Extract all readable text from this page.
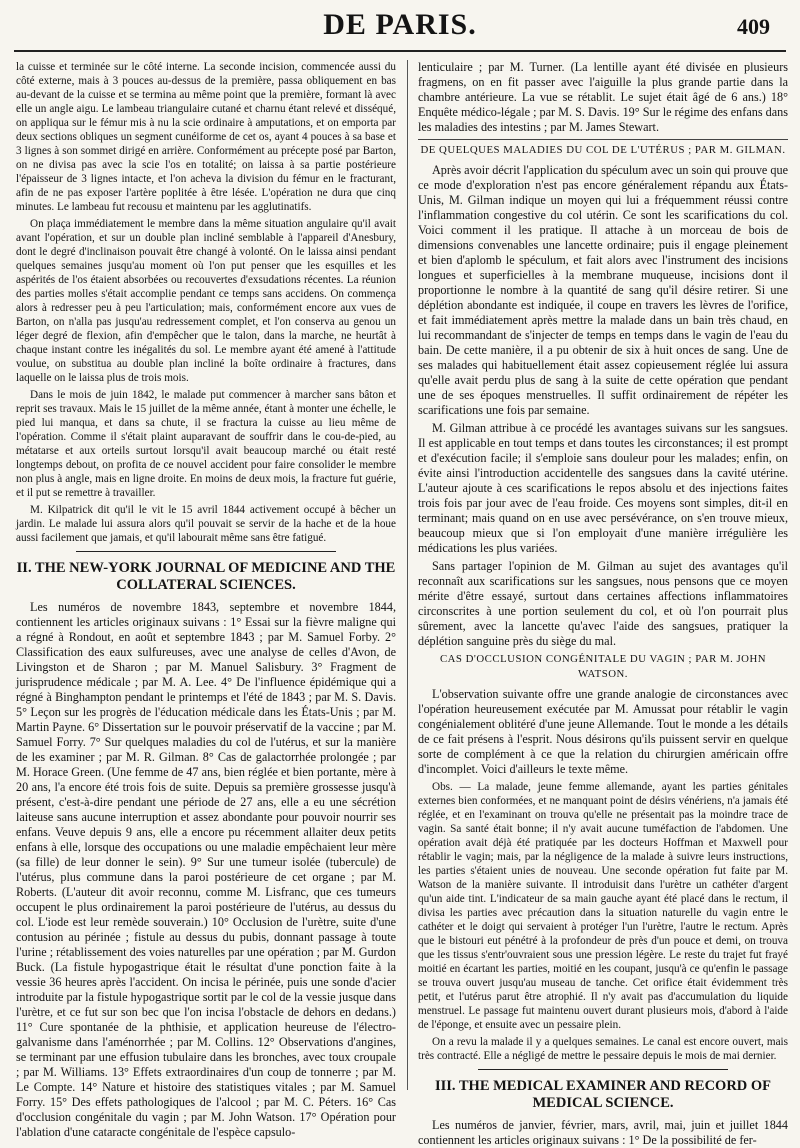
DE PARIS.	409

la cuisse et terminée sur le côté interne. La seconde incision, commencée aussi du côté externe, mais à 3 pouces au-dessus de la première, passa obliquement en bas au-devant de la cuisse et se termina au même point que la première, formant là avec elle un angle aigu. Le lambeau triangulaire cutané et charnu étant relevé et disséqué, on appliqua sur le fémur mis à nu la scie ordinaire à amputations, et on emporta par deux sections obliques un segment cunéiforme de cet os, ayant 4 pouces à sa base et 3 lignes à son sommet dirigé en arrière. Conformément au précepte posé par Barton, on ne divisa pas avec la scie l'os en totalité; on laissa à sa partie postérieure l'épaisseur de 3 lignes intacte, et l'on acheva la division du fémur en le fracturant, afin de ne pas exposer l'artère poplitée à être lésée. L'opération ne dura que cinq minutes. Le lambeau fut recousu et maintenu par les agglutinatifs.

On plaça immédiatement le membre dans la même situation angulaire qu'il avait avant l'opération, et sur un double plan incliné semblable à l'appareil d'Anesbury, dont le degré d'inclinaison pouvait être changé à volonté. On le laissa ainsi pendant quelques semaines jusqu'au moment où l'on put penser que les esquilles et les aspérités de l'os étaient absorbées ou recouvertes d'exsudations récentes. La réunion des parties molles s'était accomplie pendant ce temps sans accidens. On commença alors à redresser peu à peu l'articulation; mais, conformément encore aux vues de Barton, on n'alla pas jusqu'au redressement complet, et l'on conserva au genou un léger degré de flexion, afin d'empêcher que le talon, dans la marche, ne heurtât à chaque instant contre les inégalités du sol. Le membre ayant été amené à l'attitude voulue, on substitua au double plan incliné la boîte ordinaire à fractures, dans laquelle on le laissa plus de trois mois.

Dans le mois de juin 1842, le malade put commencer à marcher sans bâton et reprit ses travaux. Mais le 15 juillet de la même année, étant à monter une échelle, le pied lui manqua, et dans sa chute, il se fractura la cuisse au lieu même de l'opération. Comme il s'était plaint auparavant de souffrir dans le cou-de-pied, au métatarse et aux orteils surtout lorsqu'il avait beaucoup marché ou était resté longtemps debout, on profita de ce nouvel accident pour faire consolider le membre non plus à angle, mais en ligne droite. En moins de deux mois, la fracture fut guérie, et il put se remettre à travailler.

M. Kilpatrick dit qu'il le vit le 15 avril 1844 activement occupé à bêcher un jardin. Le malade lui assura alors qu'il pouvait se servir de la hache et de la houe aussi facilement que jamais, et qu'il labourait même sans être fatigué.

II. THE NEW-YORK JOURNAL OF MEDICINE AND THE COLLATERAL SCIENCES.

Les numéros de novembre 1843, septembre et novembre 1844, contiennent les articles originaux suivans : 1° Essai sur la fièvre maligne qui a régné à Rondout, en août et septembre 1843 ; par M. Samuel Forby. 2° Classification des eaux sulfureuses, avec une analyse de celles d'Avon, de Livingston et de Sharon ; par M. Manuel Salisbury. 3° Fragment de jurisprudence médicale ; par M. A. Lee. 4° De l'influence épidémique qui a régné à Binghampton pendant le printemps et l'été de 1843 ; par M. S. Davis. 5° Leçon sur les progrès de l'éducation médicale dans les États-Unis ; par M. Martin Payne. 6° Dissertation sur le pouvoir préservatif de la vaccine ; par M. Samuel Forry. 7° Sur quelques maladies du col de l'utérus, et sur la manière de les examiner ; par M. R. Gilman. 8° Cas de galactorrhée prolongée ; par M. Horace Green. (Une femme de 47 ans, bien réglée et bien portante, mère à 20 ans, l'a encore été trois fois de suite. Depuis sa première grossesse jusqu'à présent, c'est-à-dire pendant une période de 27 ans, elle a eu une sécrétion laiteuse sans aucune interruption et assez abondante pour pouvoir nourrir ses enfans. Veuve depuis 9 ans, elle a encore pu récemment allaiter deux petits enfans à elle, lorsque des occupations ou une maladie empêchaient leur mère (sa fille) de leur donner le sein). 9° Sur une tumeur isolée (tubercule) de l'utérus, plus commune dans la paroi postérieure de cet organe ; par M. Roberts. (L'auteur dit avoir reconnu, comme M. Lisfranc, que ces tumeurs occupent le plus ordinairement la paroi postérieure de l'utérus, au dessus du col. L'iode est leur remède souverain.) 10° Occlusion de l'urètre, suite d'une contusion au périnée ; fistule au dessus du pubis, donnant passage à toute l'urine ; rétablissement des voies naturelles par une opération ; par M. Gurdon Buck. (La fistule hypogastrique était le résultat d'une ponction faite à la vessie 36 heures après l'accident. On incisa le périnée, puis une sonde d'acier introduite par la fistule hypogastrique sortit par le col de la vessie jusque dans l'urètre, et ce fut sur son bec que l'on incisa l'obstacle de dehors en dedans.) 11° Cure spontanée de la phthisie, et application heureuse de l'électro-galvanisme dans l'aménorrhée ; par M. Collins. 12° Observations d'angines, se terminant par une effusion tubulaire dans les bronches, avec toux croupale ; par M. Williams. 13° Effets extraordinaires d'un coup de tonnerre ; par M. Le Compte. 14° Nature et histoire des statistiques vitales ; par M. Samuel Forry. 15° Des effets pathologiques de l'alcool ; par M. C. Péters. 16° Cas d'occlusion congénitale du vagin ; par M. John Watson. 17° Opération pour l'ablation d'une cataracte congénitale de l'espèce capsulo-

lenticulaire ; par M. Turner. (La lentille ayant été divisée en plusieurs fragmens, on en fit passer avec l'aiguille la plus grande partie dans la chambre antérieure. La vue se rétablit. Le sujet était âgé de 6 ans.) 18° Enquête médico-légale ; par M. S. Davis. 19° Sur le régime des enfans dans les maladies des intestins ; par M. James Stewart.

DE QUELQUES MALADIES DU COL DE L'UTÉRUS ; PAR M. GILMAN.

Après avoir décrit l'application du spéculum avec un soin qui prouve que ce mode d'exploration n'est pas encore généralement répandu aux États-Unis, M. Gilman indique un moyen qui lui a fréquemment réussi contre l'inflammation congestive du col utérin. Ce sont les scarifications du col. Voici comment il les pratique. Il attache à un morceau de bois de dimensions convenables une lancette ordinaire; puis il engage pleinement et bien d'aplomb le spéculum, et fait alors avec l'instrument des incisions longues et superficielles à la membrane muqueuse, incisions dont il proportionne le nombre à la quantité de sang qu'il désire retirer. Si une déplétion abondante est indiquée, il coupe en travers les lèvres de l'orifice, et fait immédiatement après mettre la malade dans un bain très chaud, en lui recommandant de s'injecter de temps en temps dans le vagin de l'eau du bain. De cette manière, il a pu obtenir de six à huit onces de sang. Une de ses malades qui habituellement était assez copieusement réglée lui assura qu'elle avait perdu plus de sang à la suite de cette opération que pendant une de ses époques menstruelles. Il suffit ordinairement de répéter les scarifications une fois par semaine.

M. Gilman attribue à ce procédé les avantages suivans sur les sangsues. Il est applicable en tout temps et dans toutes les circonstances; il est prompt et d'exécution facile; il s'emploie sans douleur pour les malades; enfin, on évite ainsi l'introduction accidentelle des sangsues dans la cavité utérine. L'auteur ajoute à ces scarifications le repos absolu et des injections faites trois fois par jour avec de l'eau froide. Ces moyens sont simples, dit-il en terminant; mais quand on en use avec persévérance, on s'en trouve mieux, beaucoup mieux que si l'on employait d'une manière irrégulière les médications les plus variées.

Sans partager l'opinion de M. Gilman au sujet des avantages qu'il reconnaît aux scarifications sur les sangsues, nous pensons que ce moyen mérite d'être essayé, surtout dans certaines affections inflammatoires circonscrites à une portion seulement du col, et où l'on pourrait plus sûrement, avec la lancette qu'avec l'aide des sangsues, pratiquer la déplétion sanguine près du siège du mal.

CAS D'OCCLUSION CONGÉNITALE DU VAGIN ; PAR M. JOHN WATSON.

L'observation suivante offre une grande analogie de circonstances avec l'opération heureusement exécutée par M. Amussat pour rétablir le vagin congénialement oblitéré d'une jeune Allemande. Tout le monde a les détails de ce fait présens à l'esprit. Nous désirons qu'ils puissent servir en quelque sorte de complément à ce que la relation du chirurgien américain offre d'incomplet. Voici d'ailleurs le texte même.

Obs. — La malade, jeune femme allemande, ayant les parties génitales externes bien conformées, et ne manquant point de désirs vénériens, n'a jamais été réglée, et en l'examinant on trouva qu'elle ne présentait pas la moindre trace de vagin. Sa santé était bonne; il n'y avait aucune tuméfaction de l'abdomen. Une opération avait déjà été pratiquée par les docteurs Hoffman et Maxwell pour rétablir le vagin; mais, par la négligence de la malade à suivre leurs instructions, les parties s'étaient unies de nouveau. Une seconde opération fut faite par M. Watson de la manière suivante. Il introduisit dans l'urètre un cathéter d'argent qu'un aide tint. L'indicateur de sa main gauche ayant été placé dans le rectum, il divisa les parties avec précaution dans la situation naturelle du vagin entre le cathéter et le doigt qui servaient à protéger l'un l'urètre, l'autre le rectum. Après que le bistouri eut pénétré à la profondeur de près d'un pouce et demi, on trouva que les tissus s'entr'ouvraient sous une pression légère. Le reste du trajet fut frayé moitié en écartant les parties, moitié en les coupant, jusqu'à ce qu'enfin le passage se trouva ouvert jusqu'au museau de tanche. Cet orifice était évidemment très petit, et l'utérus parut être atrophié. Il n'y avait pas d'accumulation du liquide menstruel. Le passage fut maintenu ouvert durant plusieurs mois, d'abord à l'aide de l'éponge, et ensuite avec un pessaire plein.

On a revu la malade il y a quelques semaines. Le canal est encore ouvert, mais très contracté. Elle a négligé de mettre le pessaire depuis le mois de mai dernier.

III. THE MEDICAL EXAMINER AND RECORD OF MEDICAL SCIENCE.

Les numéros de janvier, février, mars, avril, mai, juin et juillet 1844 contiennent les articles originaux suivans : 1° De la possibilité de fer-
